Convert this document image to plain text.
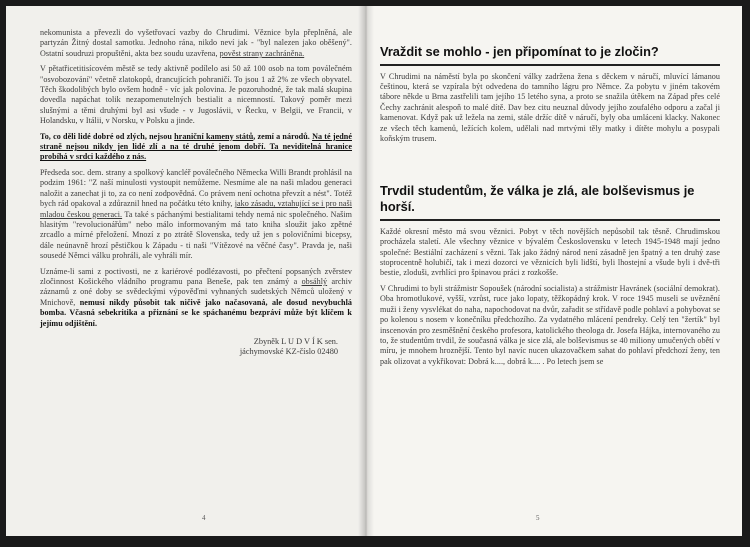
nekomunista a převezli do vyšetřovací vazby do Chrudimi. Věznice byla přeplněná, ale partyzán Žitný dostal samotku. Jednoho rána, nikdo neví jak - "byl nalezen jako oběšený". Ostatní soudruzi propuštěni, akta bez soudu uzavřena, pověst strany zachráněna.

V pětatřicetitisícovém městě se tedy aktivně podílelo asi 50 až 100 osob na tom poválečném "osvobozování" včetně zlatokopů, drancujících pohraničí. To jsou 1 až 2% ze všech obyvatel. Těch škodolibých bylo ovšem hodně - víc jak polovina. Je pozoruhodné, že tak malá skupina dovedla napáchat tolik nezapomenutelných bestialit a nicemností. Takový poměr mezi slušnými a těmi druhými byl asi všude - v Jugoslávii, v Řecku, v Belgii, ve Francii, v Holandsku, v Itálii, v Norsku, v Polsku a jinde.

To, co děli lidé dobré od zlých, nejsou hraniční kameny států, zemí a národů. Na té jedné straně nejsou nikdy jen lidé zlí a na té druhé jenom dobří. Ta neviditelná hranice probíhá v srdci každého z nás.

Předseda soc. dem. strany a spolkový kancléř poválečného Německa Willi Brandt prohlásil na podzim 1961: "Z naší minulosti vystoupit nemůžeme. Nesmíme ale na naši mladou generaci naložit a zanechat ji to, za co není zodpovědná. Co právem není ochotna převzít a nést". Totéž bych rád opakoval a zdůraznil hned na počátku této knihy, jako zásadu, vztahující se i pro naši mladou českou generaci. Ta také s páchanými bestialitami tehdy nemá nic společného. Našim hlasitým "revolucionářům" nebo málo informovaným má tato kniha sloužit jako zpětné zrcadlo a mírné přeložení. Mnozí z po ztrátě Slovenska, tedy už jen s polovičními bicepsy, dále neúnavně hrozí pěstičkou k Západu - ti naši "Vítězové na věčné časy". Pravda je, naši sousedé Němci válku prohráli, ale vyhráli mír.

Uznáme-li sami z poctivosti, ne z kariérové podlézavosti, po přečtení popsaných zvěrstev zločinnost Košického vládního programu pana Beneše, pak ten známý a obsáhlý archiv záznamů z oné doby se svědeckými výpověďmi vyhnaných sudetských Němců uložený v Mnichově, nemusí nikdy působit tak ničivě jako načasovaná, ale dosud nevybuchlá bomba. Včasná sebekritika a přiznání se ke spáchanému bezpráví může být klíčem k jejímu odjištění.

Zbyněk L U D V Í K sen.
jáchymovské KZ-číslo 02480
4
Vraždit se mohlo - jen připomínat to je zločin?

V Chrudimi na náměstí byla po skončení války zadržena žena s děckem v náručí, mluvící lámanou češtinou, která se vzpírala být odvedena do tamního lágru pro Němce. Za pobytu v jiném takovém tábore někde u Brna zastřelili tam jejího 15 letého syna, a proto se snažila útěkem na Západ přes celé Čechy zachránit alespoň to malé dítě. Dav bez citu neuznal důvody jejího zoufalého odporu a začal ji kamenovat. Když pak už ležela na zemi, stále držíc dítě v náručí, byly oba umláceni klacky. Nakonec ze všech těch kamenů, ležících kolem, udělali nad mrtvými těly matky i dítěte mohylu a posypali koňským trusem.

Trvdil studentům, že válka je zlá, ale bolševismus je horší.

Každé okresní město má svou věznici. Pobyt v těch novějších nepůsobil tak těsně. Chrudimskou procházela staletí. Ale všechny věznice v bývalém Československu v letech 1945-1948 mají jedno společné: Bestiální zacházení s vězni. Tak jako žádný národ není zásadně jen špatný a ten druhý zase stoprocentně holubičí, tak i mezi dozorci ve věznicích byli lidští, byli lhostejní a všude byli i dvě-tři bestie, zloduši, zvrhlíci pro špinavou práci z rozkošše.

V Chrudimi to byli strážmistr Sopoušek (národní socialista) a strážmistr Havránek (sociální demokrat). Oba hromotlukové, vyšší, vzrůst, ruce jako lopaty, těžkopádný krok. V roce 1945 museli se uvěznění muži i ženy vysvlékat do naha, napochodovat na dvůr, zařadit se střídavě podle pohlaví a pohybovat se po kolenou s nosem v konečníku předchozího. Za vydatného mlácení pendreky. Celý ten "žertík" byl inscenován pro zesměšnění českého profesora, katolického theologa dr. Josefa Hájka, internovaného zu to, že studentům trvdil, že současná válka je sice zlá, ale bolševismus se 40 miliony umučených obětí v míru, je mnohem hroznější. Tento byl navíc nucen ukazovačkem sahat do pohlaví předchozí ženy, ten pak olizovat a vykřikovat: Dobrá k...., dobrá k.... . Po letech jsem se

5
